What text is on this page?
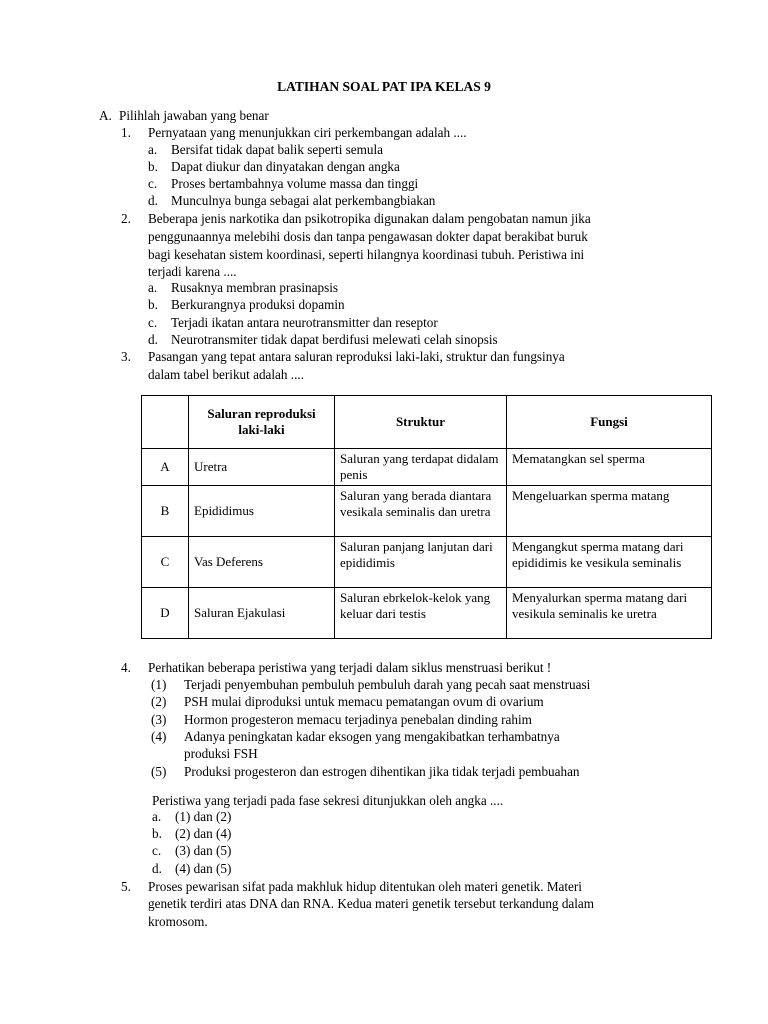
LATIHAN SOAL PAT IPA KELAS 9
A. Pilihlah jawaban yang benar
1. Pernyataan yang menunjukkan ciri perkembangan adalah ....
a. Bersifat tidak dapat balik seperti semula
b. Dapat diukur dan dinyatakan dengan angka
c. Proses bertambahnya volume massa dan tinggi
d. Munculnya bunga sebagai alat perkembangbiakan
2. Beberapa jenis narkotika dan psikotropika digunakan dalam pengobatan namun jika
penggunaannya melebihi dosis dan tanpa pengawasan dokter dapat berakibat buruk
bagi kesehatan sistem koordinasi, seperti hilangnya koordinasi tubuh. Peristiwa ini
terjadi karena ....
a. Rusaknya membran prasinapsis
b. Berkurangnya produksi dopamin
c. Terjadi ikatan antara neurotransmitter dan reseptor
d. Neurotransmiter tidak dapat berdifusi melewati celah sinopsis
3. Pasangan yang tepat antara saluran reproduksi laki-laki, struktur dan fungsinya
dalam tabel berikut adalah ....
	Saluran reproduksi laki-laki	Struktur	Fungsi
A	Uretra	Saluran yang terdapat didalam penis	Mematangkan sel sperma
B	Epididimus	Saluran yang berada diantara vesikala seminalis dan uretra	Mengeluarkan sperma matang
C	Vas Deferens	Saluran panjang lanjutan dari epididimis	Mengangkut sperma matang dari epididimis ke vesikula seminalis
D	Saluran Ejakulasi	Saluran ebrkelok-kelok yang keluar dari testis	Menyalurkan sperma matang dari vesikula seminalis ke uretra
4. Perhatikan beberapa peristiwa yang terjadi dalam siklus menstruasi berikut !
(1) Terjadi penyembuhan pembuluh pembuluh darah yang pecah saat menstruasi
(2) PSH mulai diproduksi untuk memacu pematangan ovum di ovarium
(3) Hormon progesteron memacu terjadinya penebalan dinding rahim
(4) Adanya peningkatan kadar eksogen yang mengakibatkan terhambatnya
produksi FSH
(5) Produksi progesteron dan estrogen dihentikan jika tidak terjadi pembuahan
Peristiwa yang terjadi pada fase sekresi ditunjukkan oleh angka ....
a. (1) dan (2)
b. (2) dan (4)
c. (3) dan (5)
d. (4) dan (5)
5. Proses pewarisan sifat pada makhluk hidup ditentukan oleh materi genetik. Materi
genetik terdiri atas DNA dan RNA. Kedua materi genetik tersebut terkandung dalam
kromosom.
